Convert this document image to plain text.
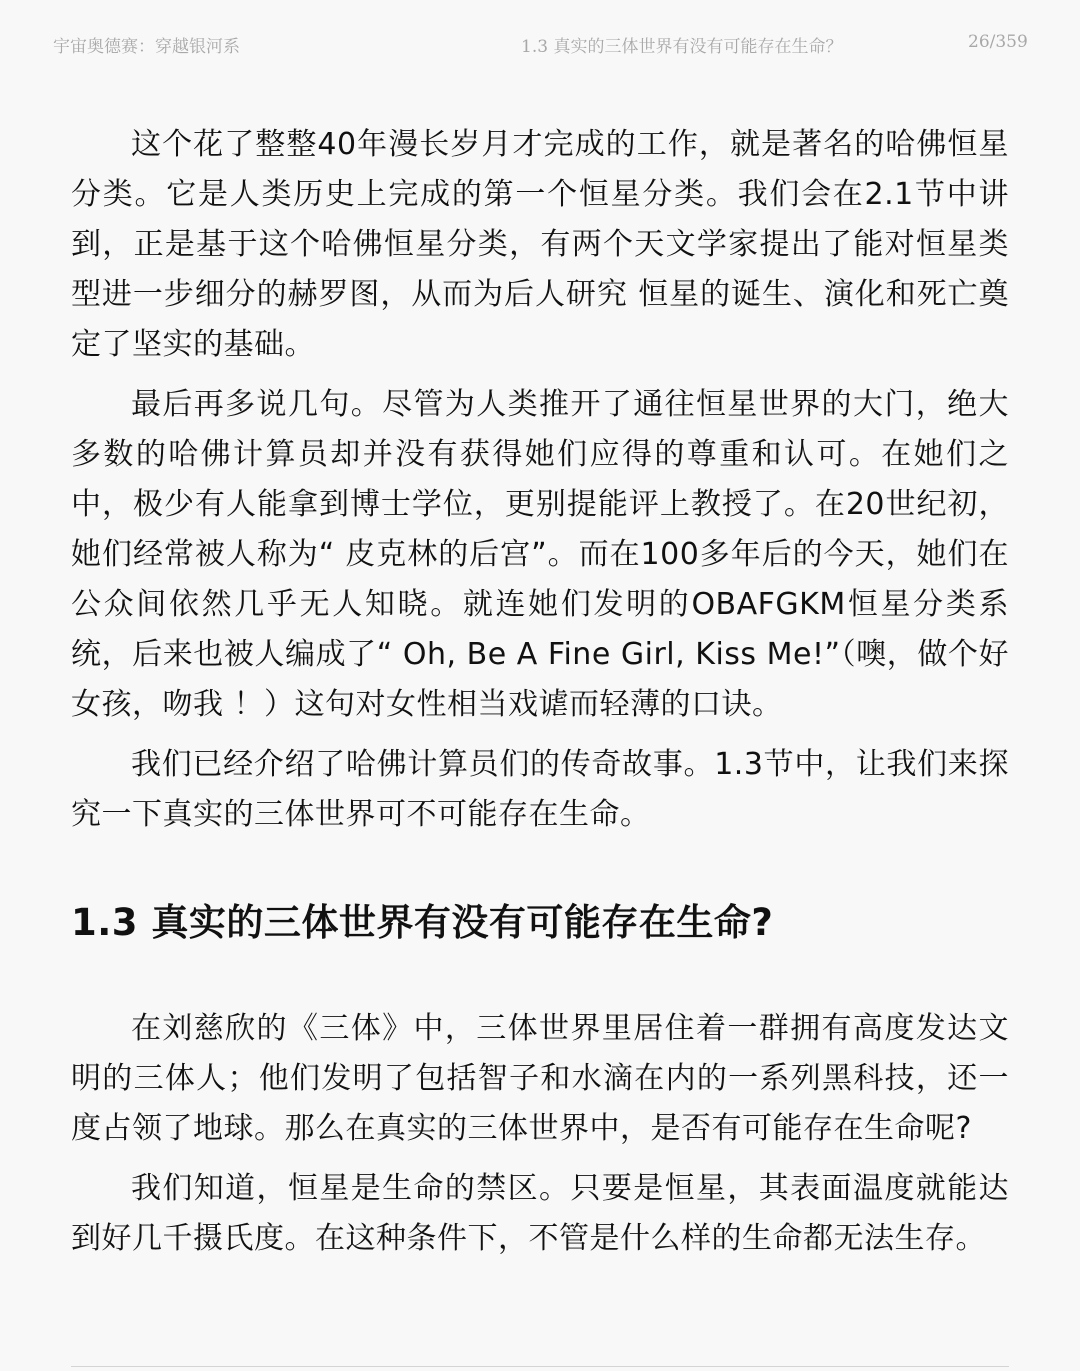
宇宙奥德赛：穿越银河系	1.3 真实的三体世界有没有可能存在生命？	26/359

这个花了整整40年漫长岁月才完成的工作，就是著名的哈佛恒星分类。它是人类历史上完成的第一个恒星分类。我们会在2.1节中讲到，正是基于这个哈佛恒星分类，有两个天文学家提出了能对恒星类型进一步细分的赫罗图，从而为后人研究 恒星的诞生、演化和死亡奠定了坚实的基础。

最后再多说几句。尽管为人类推开了通往恒星世界的大门，绝大多数的哈佛计算员却并没有获得她们应得的尊重和认可。在她们之中，极少有人能拿到博士学位，更别提能评上教授了。在20世纪初，她们经常被人称为“ 皮克林的后宫”。而在100多年后的今天，她们在公众间依然几乎无人知晓。就连她们发明的OBAFGKM恒星分类系统，后来也被人编成了“ Oh, Be A Fine Girl, Kiss Me!”（噢，做个好女孩，吻我 ！）这句对女性相当戏谑而轻薄的口诀。

我们已经介绍了哈佛计算员们的传奇故事。1.3节中，让我们来探究一下真实的三体世界可不可能存在生命。

1.3 真实的三体世界有没有可能存在生命?

在刘慈欣的《三体》中，三体世界里居住着一群拥有高度发达文明的三体人；他们发明了包括智子和水滴在内的一系列黑科技，还一度占领了地球。那么在真实的三体世界中，是否有可能存在生命呢?

我们知道，恒星是生命的禁区。只要是恒星，其表面温度就能达到好几千摄氏度。在这种条件下，不管是什么样的生命都无法生存。
